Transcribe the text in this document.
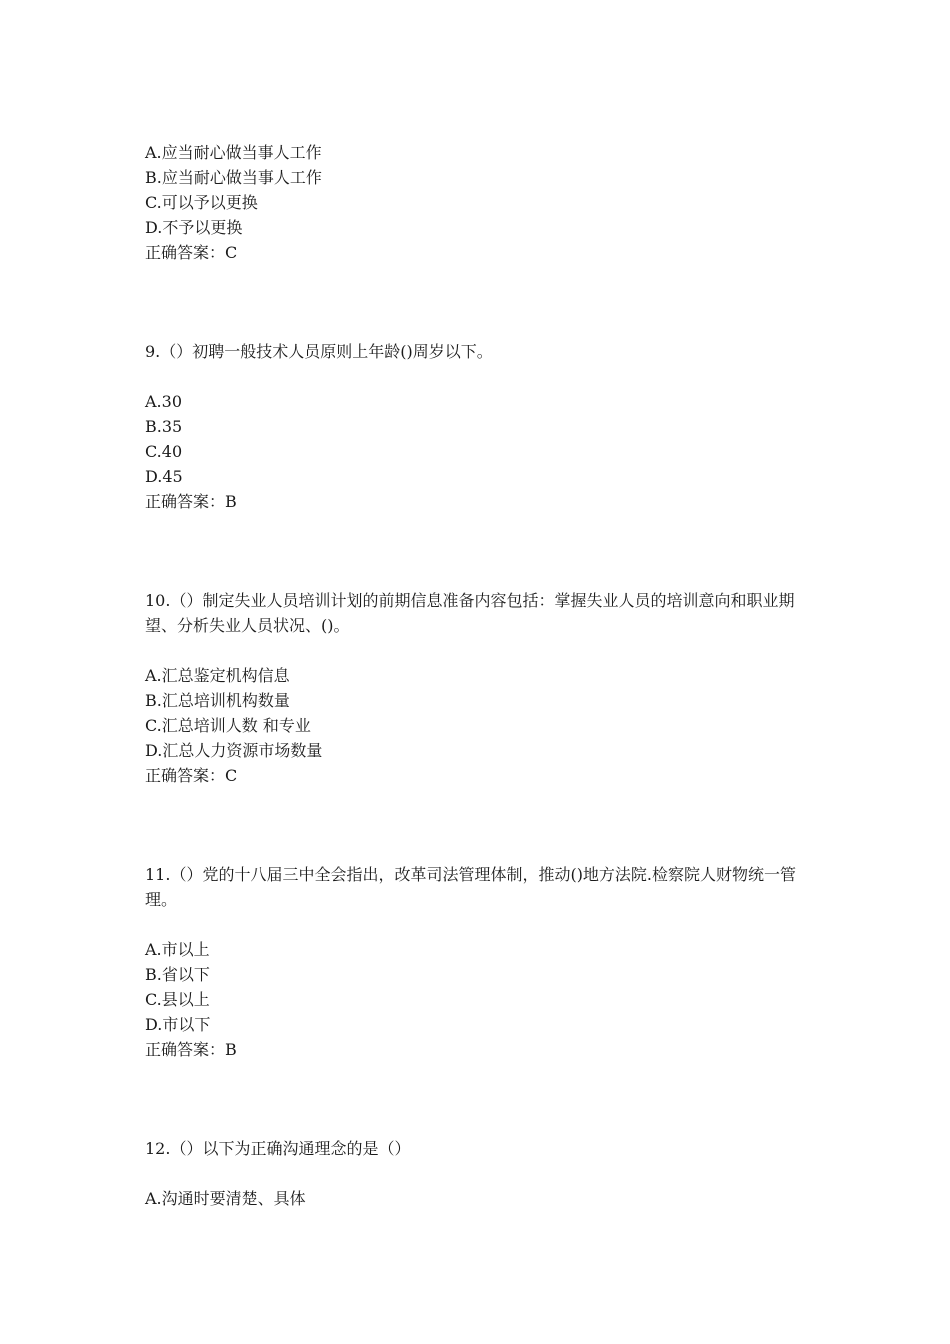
A.应当耐心做当事人工作
B.应当耐心做当事人工作
C.可以予以更换
D.不予以更换
正确答案：C
9.（）初聘一般技术人员原则上年龄()周岁以下。
A.30
B.35
C.40
D.45
正确答案：B
10.（）制定失业人员培训计划的前期信息准备内容包括：掌握失业人员的培训意向和职业期望、分析失业人员状况、()。
A.汇总鉴定机构信息
B.汇总培训机构数量
C.汇总培训人数 和专业
D.汇总人力资源市场数量
正确答案：C
11.（）党的十八届三中全会指出，改革司法管理体制，推动()地方法院.检察院人财物统一管理。
A.市以上
B.省以下
C.县以上
D.市以下
正确答案：B
12.（）以下为正确沟通理念的是（）
A.沟通时要清楚、具体
